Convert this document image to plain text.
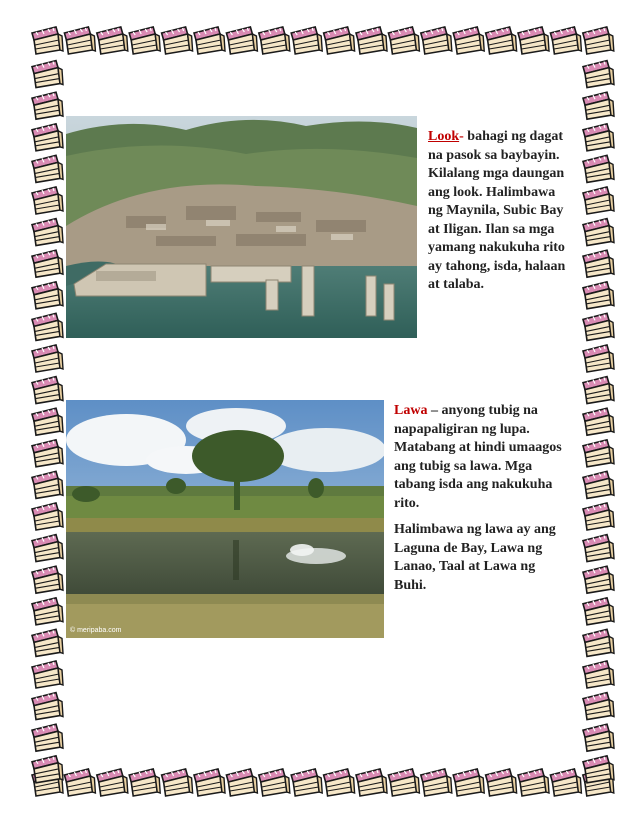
Look- bahagi ng dagat na pasok sa baybayin. Kilalang mga daungan ang look. Halimbawa ng Maynila, Subic Bay at Iligan. Ilan sa mga yamang nakukuha rito ay tahong, isda, halaan at talaba.

© meripaba.com

Lawa – anyong tubig na napapaligiran ng lupa. Matabang at hindi umaagos ang tubig sa lawa. Mga tabang isda ang nakukuha rito.

Halimbawa ng lawa ay ang Laguna de Bay, Lawa ng Lanao, Taal at Lawa ng Buhi.
